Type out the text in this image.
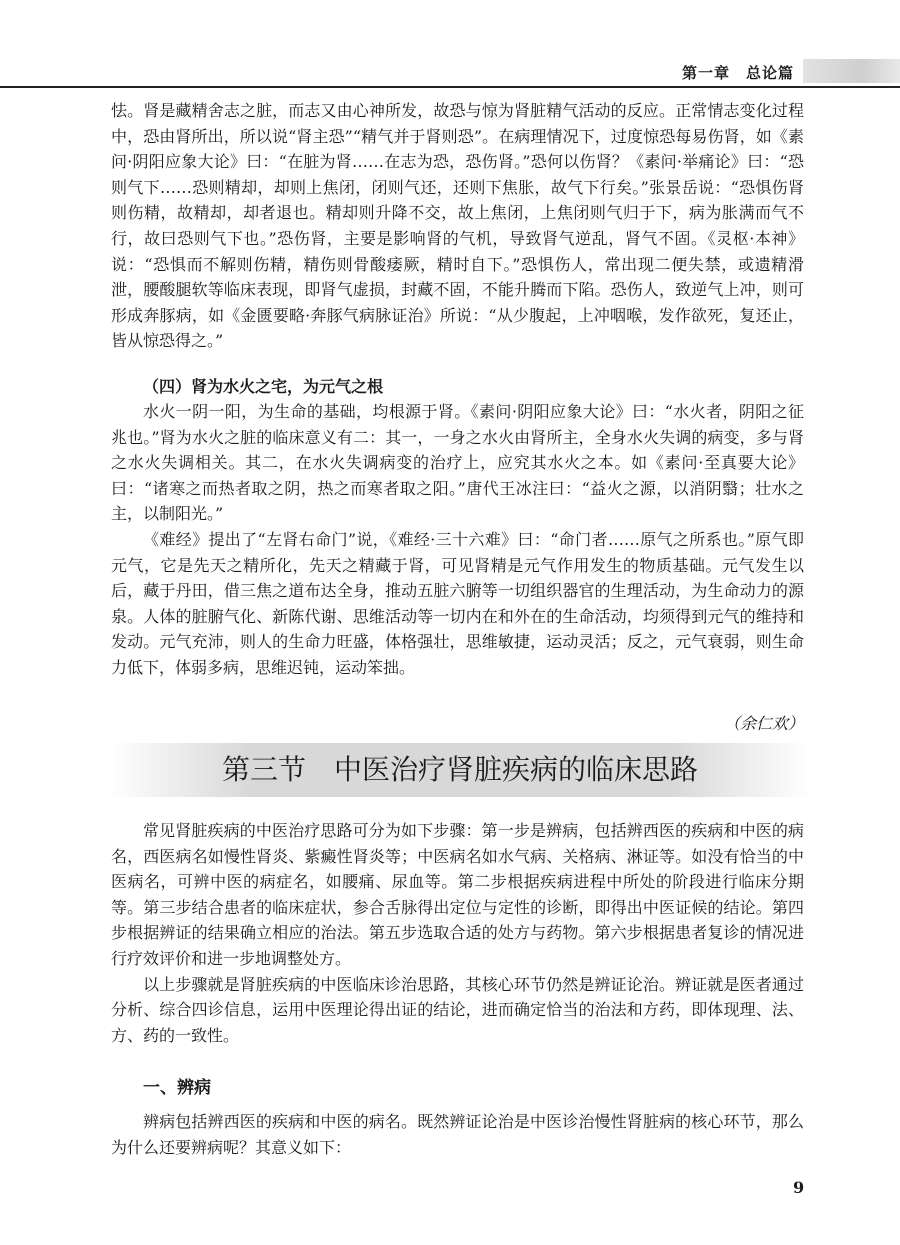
第一章　总论篇

怯。肾是藏精舍志之脏，而志又由心神所发，故恐与惊为肾脏精气活动的反应。正常情志变化过程中，恐由肾所出，所以说“肾主恐”“精气并于肾则恐”。在病理情况下，过度惊恐每易伤肾，如《素问·阴阳应象大论》曰：“在脏为肾……在志为恐，恐伤肾。”恐何以伤肾？《素问·举痛论》曰：“恐则气下……恐则精却，却则上焦闭，闭则气还，还则下焦胀，故气下行矣。”张景岳说：“恐惧伤肾则伤精，故精却，却者退也。精却则升降不交，故上焦闭，上焦闭则气归于下，病为胀满而气不行，故曰恐则气下也。”恐伤肾，主要是影响肾的气机，导致肾气逆乱，肾气不固。《灵枢·本神》说：“恐惧而不解则伤精，精伤则骨酸痿厥，精时自下。”恐惧伤人，常出现二便失禁，或遗精滑泄，腰酸腿软等临床表现，即肾气虚损，封藏不固，不能升腾而下陷。恐伤人，致逆气上冲，则可形成奔豚病，如《金匮要略·奔豚气病脉证治》所说：“从少腹起，上冲咽喉，发作欲死，复还止，皆从惊恐得之。”

（四）肾为水火之宅，为元气之根

水火一阴一阳，为生命的基础，均根源于肾。《素问·阴阳应象大论》曰：“水火者，阴阳之征兆也。”肾为水火之脏的临床意义有二：其一，一身之水火由肾所主，全身水火失调的病变，多与肾之水火失调相关。其二，在水火失调病变的治疗上，应究其水火之本。如《素问·至真要大论》曰：“诸寒之而热者取之阴，热之而寒者取之阳。”唐代王冰注曰：“益火之源，以消阴翳；壮水之主，以制阳光。”

《难经》提出了“左肾右命门”说，《难经·三十六难》曰：“命门者……原气之所系也。”原气即元气，它是先天之精所化，先天之精藏于肾，可见肾精是元气作用发生的物质基础。元气发生以后，藏于丹田，借三焦之道布达全身，推动五脏六腑等一切组织器官的生理活动，为生命动力的源泉。人体的脏腑气化、新陈代谢、思维活动等一切内在和外在的生命活动，均须得到元气的维持和发动。元气充沛，则人的生命力旺盛，体格强壮，思维敏捷，运动灵活；反之，元气衰弱，则生命力低下，体弱多病，思维迟钝，运动笨拙。

（余仁欢）
第三节 中医治疗肾脏疾病的临床思路

常见肾脏疾病的中医治疗思路可分为如下步骤：第一步是辨病，包括辨西医的疾病和中医的病名，西医病名如慢性肾炎、紫癜性肾炎等；中医病名如水气病、关格病、淋证等。如没有恰当的中医病名，可辨中医的病症名，如腰痛、尿血等。第二步根据疾病进程中所处的阶段进行临床分期等。第三步结合患者的临床症状，参合舌脉得出定位与定性的诊断，即得出中医证候的结论。第四步根据辨证的结果确立相应的治法。第五步选取合适的处方与药物。第六步根据患者复诊的情况进行疗效评价和进一步地调整处方。

以上步骤就是肾脏疾病的中医临床诊治思路，其核心环节仍然是辨证论治。辨证就是医者通过分析、综合四诊信息，运用中医理论得出证的结论，进而确定恰当的治法和方药，即体现理、法、方、药的一致性。

一、辨病

辨病包括辨西医的疾病和中医的病名。既然辨证论治是中医诊治慢性肾脏病的核心环节，那么为什么还要辨病呢？其意义如下：

9
